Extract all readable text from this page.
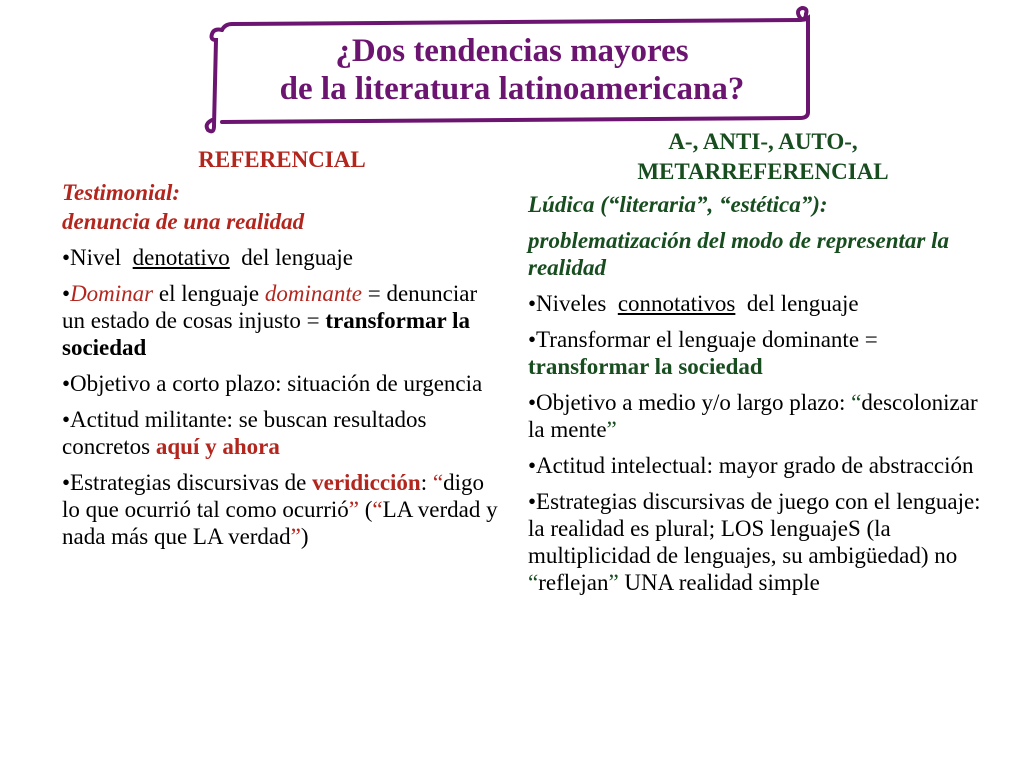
¿Dos tendencias mayores
de la literatura latinoamericana?
REFERENCIAL
Testimonial:
denuncia de una realidad
•Nivel  denotativo  del lenguaje
•Dominar el lenguaje dominante = denunciar un estado de cosas injusto = transformar la sociedad
•Objetivo a corto plazo: situación de urgencia
•Actitud militante: se buscan resultados concretos aquí y ahora
•Estrategias discursivas de veridicción: “digo lo que ocurrió tal como ocurrió” (“LA verdad y nada más que LA verdad”)
A-, ANTI-, AUTO-,
METARREFERENCIAL
Lúdica (“literaria”, “estética”):
problematización del modo de representar la realidad
•Niveles  connotativos  del lenguaje
•Transformar el lenguaje dominante = transformar la sociedad
•Objetivo a medio y/o largo plazo: “descolonizar la mente”
•Actitud intelectual: mayor grado de abstracción
•Estrategias discursivas de juego con el lenguaje: la realidad es plural; LOS lenguajeS (la multiplicidad de lenguajes, su ambigüedad) no “reflejan” UNA realidad simple
